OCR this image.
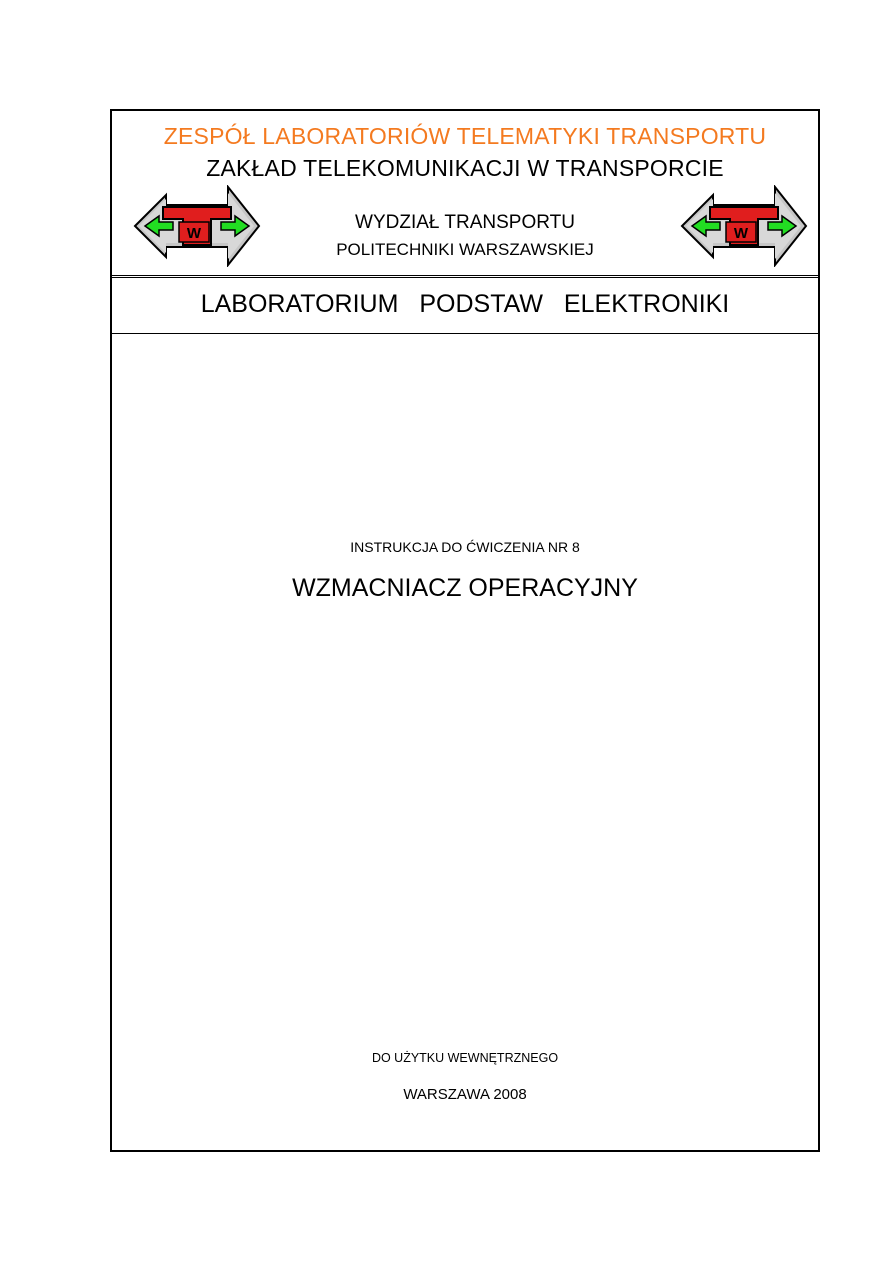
ZESPÓŁ LABORATORIÓW TELEMATYKI TRANSPORTU
ZAKŁAD TELEKOMUNIKACJI W TRANSPORCIE
W
WYDZIAŁ TRANSPORTU
POLITECHNIKI WARSZAWSKIEJ
W
LABORATORIUM PODSTAW ELEKTRONIKI
INSTRUKCJA DO ĆWICZENIA NR 8
WZMACNIACZ OPERACYJNY
DO UŻYTKU WEWNĘTRZNEGO
WARSZAWA 2008
